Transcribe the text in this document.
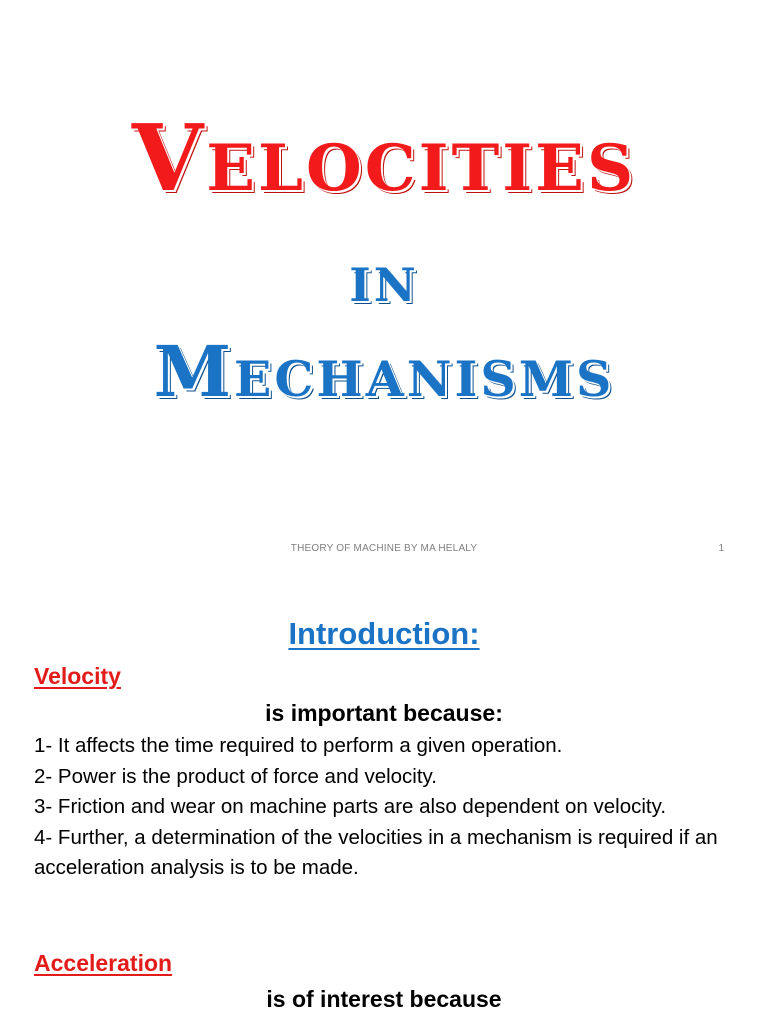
Velocities
in
Mechanisms
THEORY OF MACHINE BY MA HELALY	1
Introduction:
Velocity
is important because:
1- It affects the time required to perform a given operation.
2- Power is the product of force and velocity.
3- Friction and wear on machine parts are also dependent on velocity.
4- Further, a determination of the velocities in a mechanism is required if an acceleration analysis is to be made.
Acceleration
is of interest because
